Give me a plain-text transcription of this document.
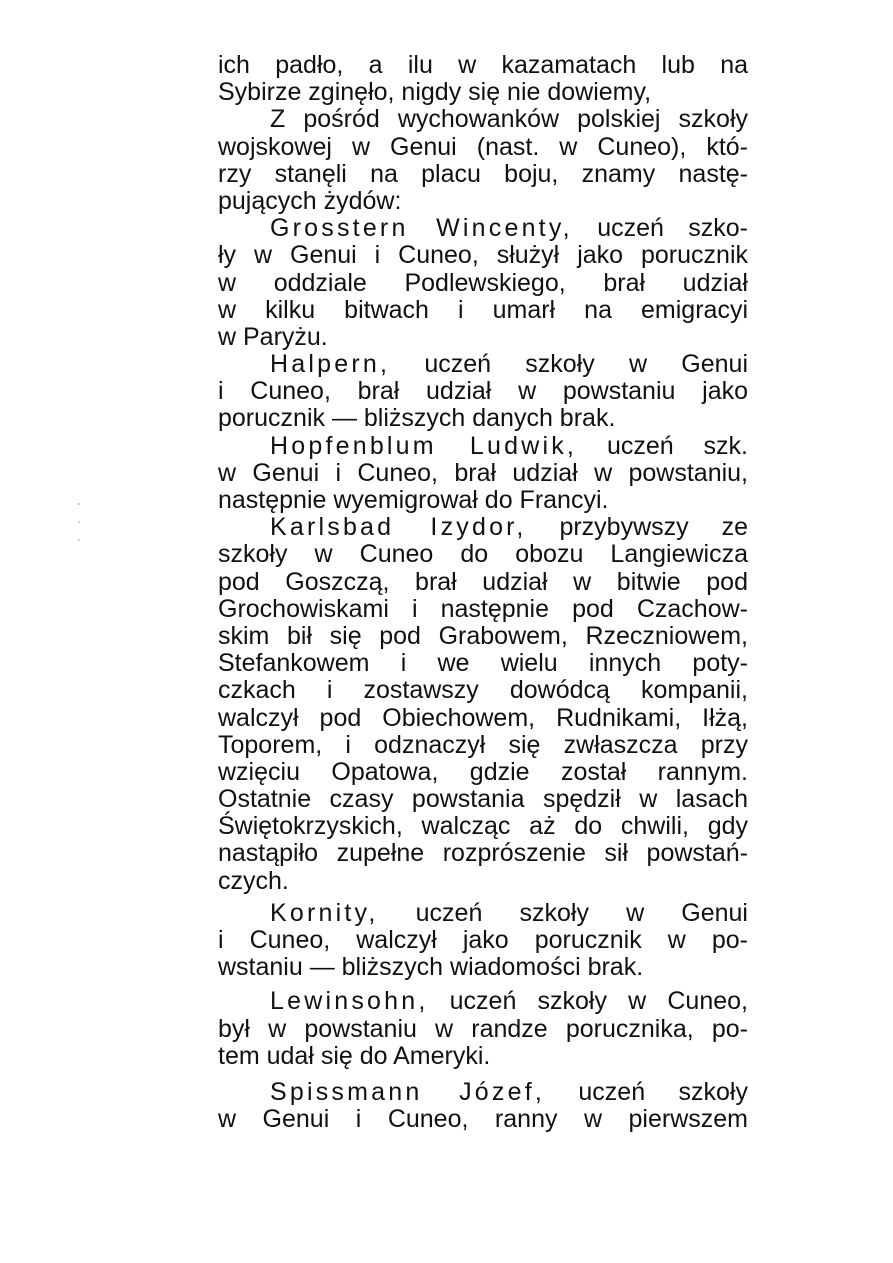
ich padło, a ilu w kazamatach lub na
Sybirze zginęło, nigdy się nie dowiemy,
Z pośród wychowanków polskiej szkoły
wojskowej w Genui (nast. w Cuneo), któ-
rzy stanęli na placu boju, znamy nastę-
pujących żydów:
Grosstern Wincenty, uczeń szko-
ły w Genui i Cuneo, służył jako porucznik
w oddziale Podlewskiego, brał udział
w kilku bitwach i umarł na emigracyi
w Paryżu.
Halpern, uczeń szkoły w Genui
i Cuneo, brał udział w powstaniu jako
porucznik — bliższych danych brak.
Hopfenblum Ludwik, uczeń szk.
w Genui i Cuneo, brał udział w powstaniu,
następnie wyemigrował do Francyi.
Karlsbad Izydor, przybywszy ze
szkoły w Cuneo do obozu Langiewicza
pod Goszczą, brał udział w bitwie pod
Grochowiskami i następnie pod Czachow-
skim bił się pod Grabowem, Rzeczniowem,
Stefankowem i we wielu innych poty-
czkach i zostawszy dowódcą kompanii,
walczył pod Obiechowem, Rudnikami, Iłżą,
Toporem, i odznaczył się zwłaszcza przy
wzięciu Opatowa, gdzie został rannym.
Ostatnie czasy powstania spędził w lasach
Świętokrzyskich, walcząc aż do chwili, gdy
nastąpiło zupełne rozprószenie sił powstań-
czych.
Kornity, uczeń szkoły w Genui
i Cuneo, walczył jako porucznik w po-
wstaniu — bliższych wiadomości brak.
Lewinsohn, uczeń szkoły w Cuneo,
był w powstaniu w randze porucznika, po-
tem udał się do Ameryki.
Spissmann Józef, uczeń szkoły
w Genui i Cuneo, ranny w pierwszem
